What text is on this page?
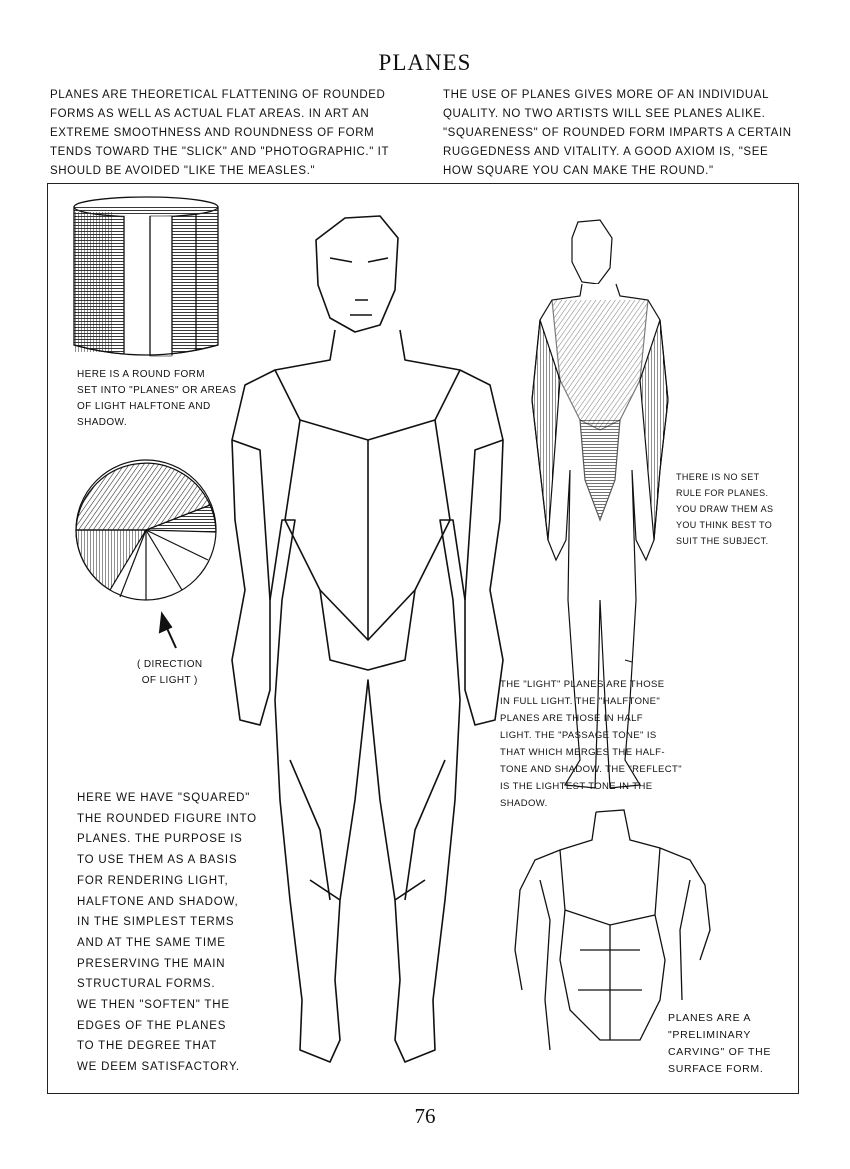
PLANES
PLANES ARE THEORETICAL FLATTENING OF ROUNDED
FORMS AS WELL AS ACTUAL FLAT AREAS. IN ART AN
EXTREME SMOOTHNESS AND ROUNDNESS OF FORM
TENDS TOWARD THE "SLICK" AND "PHOTOGRAPHIC." IT
SHOULD BE AVOIDED "LIKE THE MEASLES."
THE USE OF PLANES GIVES MORE OF AN INDIVIDUAL
QUALITY. NO TWO ARTISTS WILL SEE PLANES ALIKE.
"SQUARENESS" OF ROUNDED FORM IMPARTS A CERTAIN
RUGGEDNESS AND VITALITY. A GOOD AXIOM IS, "SEE
HOW SQUARE YOU CAN MAKE THE ROUND."
HERE IS A ROUND FORM
SET INTO "PLANES" OR AREAS
OF LIGHT HALFTONE AND
SHADOW.
( DIRECTION
OF LIGHT )
THERE IS NO SET
RULE FOR PLANES.
YOU DRAW THEM AS
YOU THINK BEST TO
SUIT THE SUBJECT.
THE "LIGHT" PLANES ARE THOSE
IN FULL LIGHT. THE "HALFTONE"
PLANES ARE THOSE IN HALF
LIGHT. THE "PASSAGE TONE" IS
THAT WHICH MERGES THE HALF-
TONE AND SHADOW. THE "REFLECT"
IS THE LIGHTEST TONE IN THE
SHADOW.
HERE WE HAVE "SQUARED"
THE ROUNDED FIGURE INTO
PLANES. THE PURPOSE IS
TO USE THEM AS A BASIS
FOR RENDERING LIGHT,
HALFTONE AND SHADOW,
IN THE SIMPLEST TERMS
AND AT THE SAME TIME
PRESERVING THE MAIN
STRUCTURAL FORMS.
WE THEN "SOFTEN" THE
EDGES OF THE PLANES
TO THE DEGREE THAT
WE DEEM SATISFACTORY.
PLANES ARE A
"PRELIMINARY
CARVING" OF THE
SURFACE FORM.
76
